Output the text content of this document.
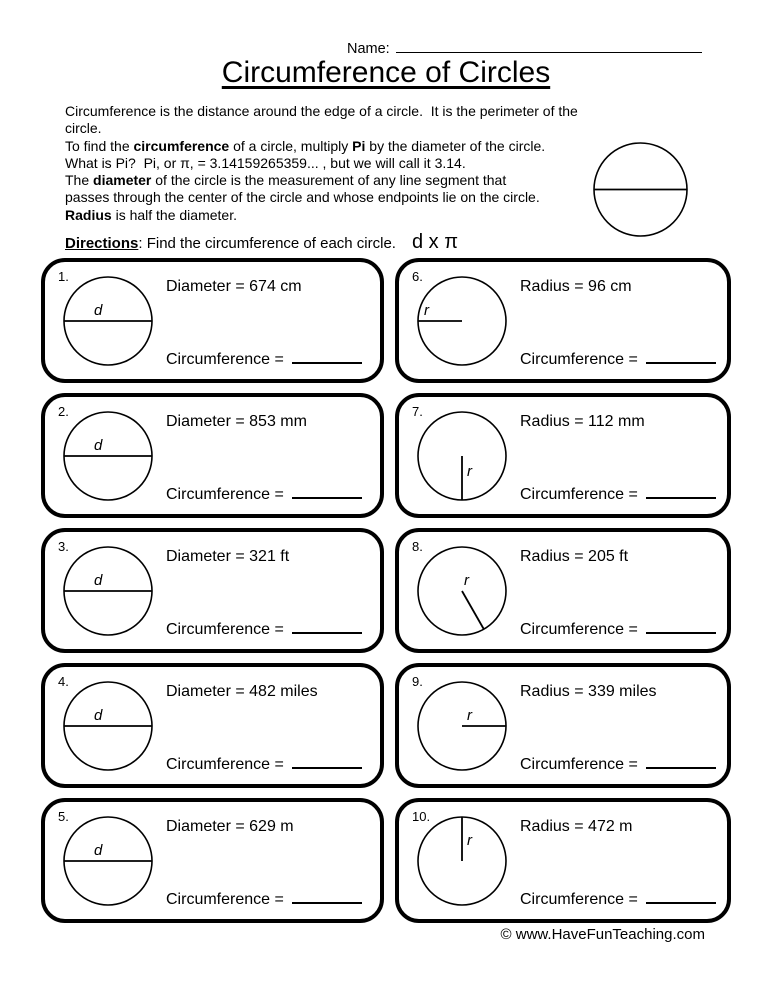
Name:
Circumference of Circles
Circumference is the distance around the edge of a circle.  It is the perimeter of the circle.
To find the circumference of a circle, multiply Pi by the diameter of the circle.
What is Pi?  Pi, or π, = 3.14159265359... , but we will call it 3.14.
The diameter of the circle is the measurement of any line segment that
passes through the center of the circle and whose endpoints lie on the circle.
Radius is half the diameter.
Directions: Find the circumference of each circle. d x π
1.
d
Diameter = 674 cm
Circumference =
2.
d
Diameter = 853 mm
Circumference =
3.
d
Diameter = 321 ft
Circumference =
4.
d
Diameter = 482 miles
Circumference =
5.
d
Diameter = 629 m
Circumference =
6.
r
Radius = 96 cm
Circumference =
7.
r
Radius = 112 mm
Circumference =
8.
r
Radius = 205 ft
Circumference =
9.
r
Radius = 339 miles
Circumference =
10.
r
Radius = 472 m
Circumference =
© www.HaveFunTeaching.com
